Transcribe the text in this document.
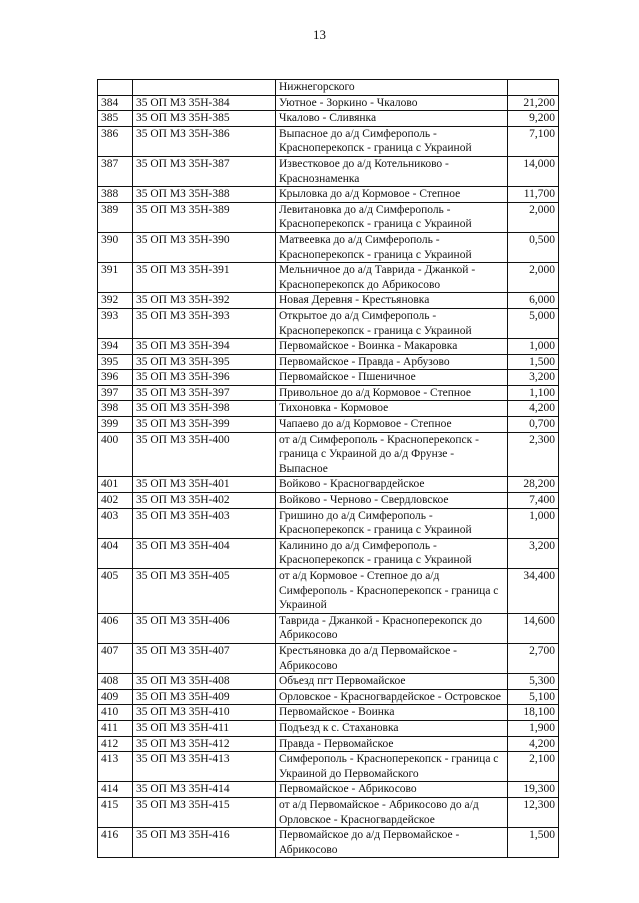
13
		Нижнегорского	
384	35 ОП МЗ 35Н-384	Уютное - Зоркино - Чкалово	21,200
385	35 ОП МЗ 35Н-385	Чкалово - Сливянка	9,200
386	35 ОП МЗ 35Н-386	Выпасное до а/д Симферополь - Красноперекопск - граница с Украиной	7,100
387	35 ОП МЗ 35Н-387	Известковое до а/д Котельниково - Краснознаменка	14,000
388	35 ОП МЗ 35Н-388	Крыловка до а/д Кормовое - Степное	11,700
389	35 ОП МЗ 35Н-389	Левитановка до а/д Симферополь - Красноперекопск - граница с Украиной	2,000
390	35 ОП МЗ 35Н-390	Матвеевка до а/д Симферополь - Красноперекопск - граница с Украиной	0,500
391	35 ОП МЗ 35Н-391	Мельничное до а/д Таврида - Джанкой - Красноперекопск до Абрикосово	2,000
392	35 ОП МЗ 35Н-392	Новая Деревня - Крестьяновка	6,000
393	35 ОП МЗ 35Н-393	Открытое до а/д Симферополь - Красноперекопск - граница с Украиной	5,000
394	35 ОП МЗ 35Н-394	Первомайское - Воинка - Макаровка	1,000
395	35 ОП МЗ 35Н-395	Первомайское - Правда - Арбузово	1,500
396	35 ОП МЗ 35Н-396	Первомайское - Пшеничное	3,200
397	35 ОП МЗ 35Н-397	Привольное до а/д Кормовое - Степное	1,100
398	35 ОП МЗ 35Н-398	Тихоновка - Кормовое	4,200
399	35 ОП МЗ 35Н-399	Чапаево до а/д Кормовое - Степное	0,700
400	35 ОП МЗ 35Н-400	от а/д Симферополь - Красноперекопск - граница с Украиной до а/д Фрунзе - Выпасное	2,300
401	35 ОП МЗ 35Н-401	Войково - Красногвардейское	28,200
402	35 ОП МЗ 35Н-402	Войково - Черново - Свердловское	7,400
403	35 ОП МЗ 35Н-403	Гришино до а/д Симферополь - Красноперекопск - граница с Украиной	1,000
404	35 ОП МЗ 35Н-404	Калинино до а/д Симферополь - Красноперекопск - граница с Украиной	3,200
405	35 ОП МЗ 35Н-405	от а/д Кормовое - Степное до а/д Симферополь - Красноперекопск - граница с Украиной	34,400
406	35 ОП МЗ 35Н-406	Таврида - Джанкой - Красноперекопск до Абрикосово	14,600
407	35 ОП МЗ 35Н-407	Крестьяновка до а/д Первомайское - Абрикосово	2,700
408	35 ОП МЗ 35Н-408	Объезд пгт Первомайское	5,300
409	35 ОП МЗ 35Н-409	Орловское - Красногвардейское - Островское	5,100
410	35 ОП МЗ 35Н-410	Первомайское - Воинка	18,100
411	35 ОП МЗ 35Н-411	Подъезд к с. Стахановка	1,900
412	35 ОП МЗ 35Н-412	Правда - Первомайское	4,200
413	35 ОП МЗ 35Н-413	Симферополь - Красноперекопск - граница с Украиной до Первомайского	2,100
414	35 ОП МЗ 35Н-414	Первомайское - Абрикосово	19,300
415	35 ОП МЗ 35Н-415	от а/д Первомайское - Абрикосово до а/д Орловское - Красногвардейское	12,300
416	35 ОП МЗ 35Н-416	Первомайское до а/д Первомайское - Абрикосово	1,500
